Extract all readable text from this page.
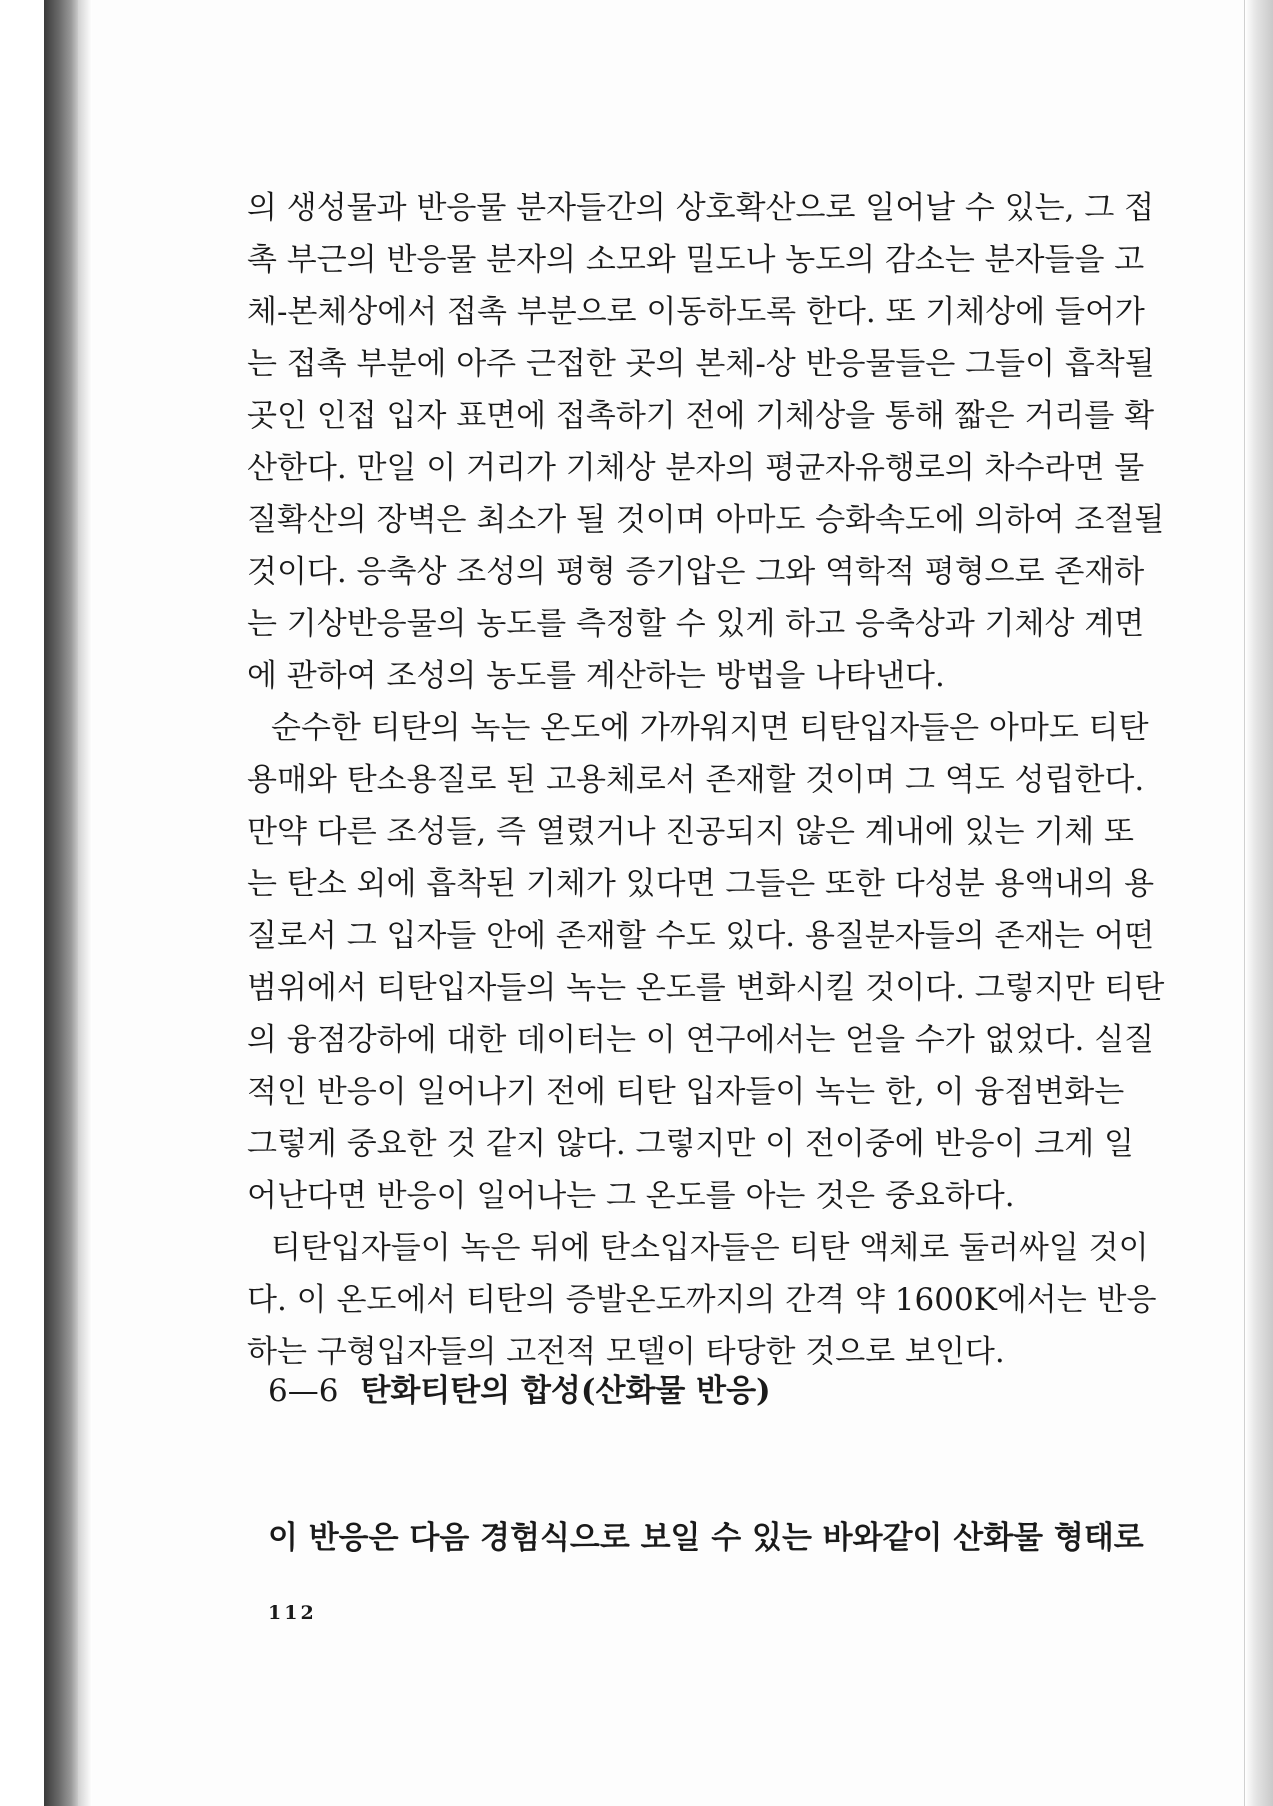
의 생성물과 반응물 분자들간의 상호확산으로 일어날 수 있는, 그 접
촉 부근의 반응물 분자의 소모와 밀도나 농도의 감소는 분자들을 고
체-본체상에서 접촉 부분으로 이동하도록 한다. 또 기체상에 들어가
는 접촉 부분에 아주 근접한 곳의 본체-상 반응물들은 그들이 흡착될
곳인 인접 입자 표면에 접촉하기 전에 기체상을 통해 짧은 거리를 확
산한다. 만일 이 거리가 기체상 분자의 평균자유행로의 차수라면 물
질확산의 장벽은 최소가 될 것이며 아마도 승화속도에 의하여 조절될
것이다. 응축상 조성의 평형 증기압은 그와 역학적 평형으로 존재하
는 기상반응물의 농도를 측정할 수 있게 하고 응축상과 기체상 계면
에 관하여 조성의 농도를 계산하는 방법을 나타낸다.
순수한 티탄의 녹는 온도에 가까워지면 티탄입자들은 아마도 티탄
용매와 탄소용질로 된 고용체로서 존재할 것이며 그 역도 성립한다.
만약 다른 조성들, 즉 열렸거나 진공되지 않은 계내에 있는 기체 또
는 탄소 외에 흡착된 기체가 있다면 그들은 또한 다성분 용액내의 용
질로서 그 입자들 안에 존재할 수도 있다. 용질분자들의 존재는 어떤
범위에서 티탄입자들의 녹는 온도를 변화시킬 것이다. 그렇지만 티탄
의 융점강하에 대한 데이터는 이 연구에서는 얻을 수가 없었다. 실질
적인 반응이 일어나기 전에 티탄 입자들이 녹는 한, 이 융점변화는
그렇게 중요한 것 같지 않다. 그렇지만 이 전이중에 반응이 크게 일
어난다면 반응이 일어나는 그 온도를 아는 것은 중요하다.
티탄입자들이 녹은 뒤에 탄소입자들은 티탄 액체로 둘러싸일 것이
다. 이 온도에서 티탄의 증발온도까지의 간격 약 1600K에서는 반응
하는 구형입자들의 고전적 모델이 타당한 것으로 보인다.
6—6 탄화티탄의 합성(산화물 반응)
이 반응은 다음 경험식으로 보일 수 있는 바와같이 산화물 형태로
112
